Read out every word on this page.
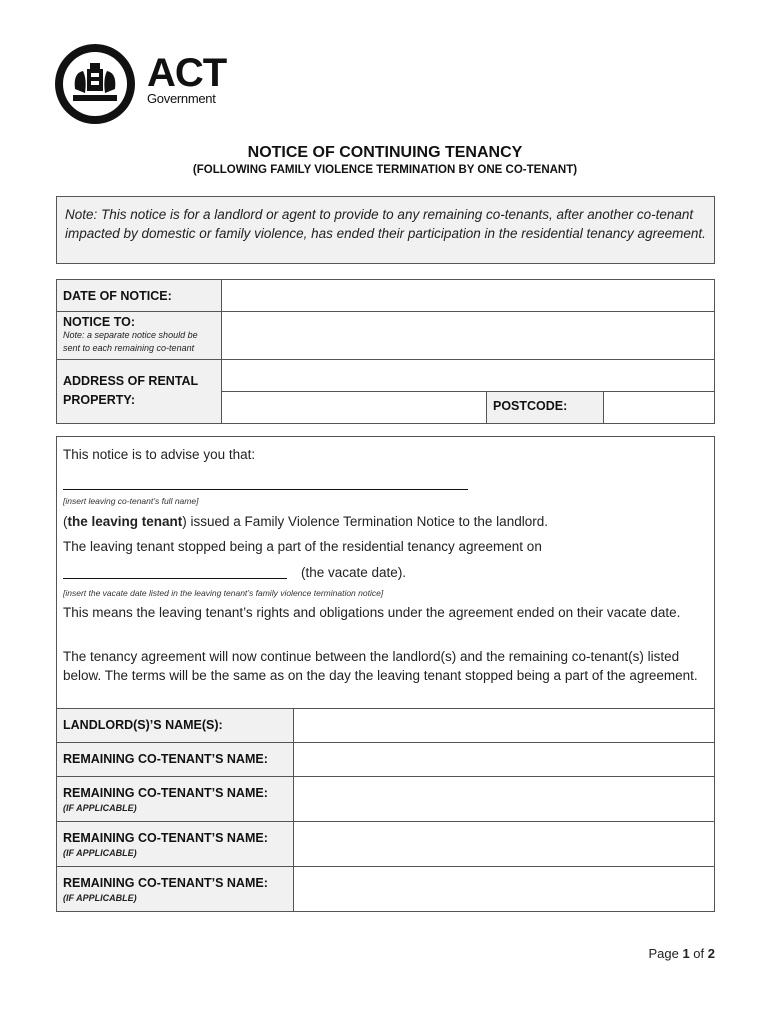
ACT
Government
NOTICE OF CONTINUING TENANCY
(FOLLOWING FAMILY VIOLENCE TERMINATION BY ONE CO-TENANT)
Note: This notice is for a landlord or agent to provide to any remaining co-tenants, after another co-tenant impacted by domestic or family violence, has ended their participation in the residential tenancy agreement.
DATE OF NOTICE:			

NOTICE TO:
Note: a separate notice should be sent to each remaining co-tenant			

ADDRESS OF RENTAL PROPERTY:			
		POSTCODE:	
This notice is to advise you that:
[insert leaving co-tenant’s full name]
(the leaving tenant) issued a Family Violence Termination Notice to the landlord.
The leaving tenant stopped being a part of the residential tenancy agreement on
(the vacate date).
[insert the vacate date listed in the leaving tenant’s family violence termination notice]
This means the leaving tenant’s rights and obligations under the agreement ended on their vacate date.
The tenancy agreement will now continue between the landlord(s) and the remaining co-tenant(s) listed below. The terms will be the same as on the day the leaving tenant stopped being a part of the agreement.
LANDLORD(S)’S NAME(S):	
REMAINING CO-TENANT’S NAME:	

REMAINING CO-TENANT’S NAME:
(IF APPLICABLE)	

REMAINING CO-TENANT’S NAME:
(IF APPLICABLE)	

REMAINING CO-TENANT’S NAME:
(IF APPLICABLE)	

Page 1 of 2
